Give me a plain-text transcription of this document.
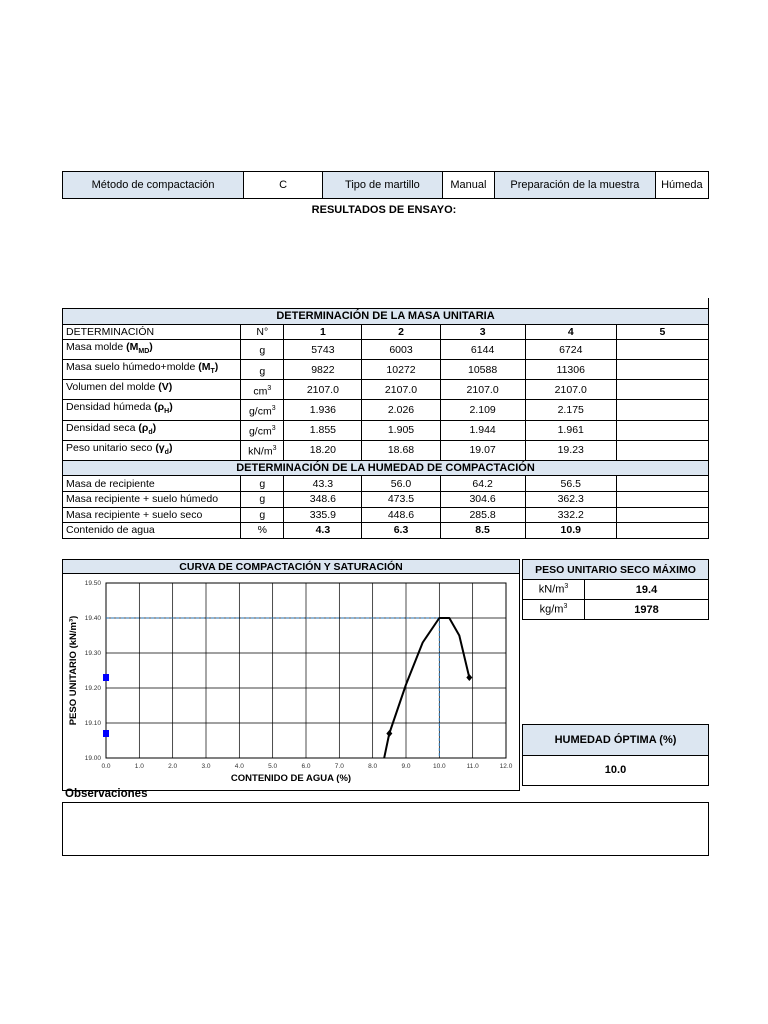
Método de compactación	C	Tipo de martillo	Manual	Preparación de la muestra	Húmeda
RESULTADOS DE ENSAYO:
DETERMINACIÓN DE LA MASA UNITARIA						
DETERMINACIÓN	N°	1	2	3	4	5
Masa molde $(M_{MD})$	g	5743	6003	6144	6724	
Masa suelo húmedo+molde $(M_T)$	g	9822	10272	10588	11306	
Volumen del molde (V)	$cm^3$	2107.0	2107.0	2107.0	2107.0	
Densidad húmeda $(\rho_H)$	$g/cm^3$	1.936	2.026	2.109	2.175	
Densidad seca $(\rho_d)$	$g/cm^3$	1.855	1.905	1.944	1.961	
Peso unitario seco $(\gamma_d)$	$kN/m^3$	18.20	18.68	19.07	19.23	
DETERMINACIÓN DE LA HUMEDAD DE COMPACTACIÓN						
Masa de recipiente	g	43.3	56.0	64.2	56.5	
Masa recipiente + suelo húmedo	g	348.6	473.5	304.6	362.3	
Masa recipiente + suelo seco	g	335.9	448.6	285.8	332.2	
Contenido de agua	%	4.3	6.3	8.5	10.9	
CURVA DE COMPACTACIÓN Y SATURACIÓN
0.0	1.0	2.0	3.0	4.0	5.0	6.0	7.0	8.0	9.0	10.0	11.0	12.0
19.00
19.10
19.20
19.30
19.40
19.50
CONTENIDO DE AGUA (%)
PESO UNITARIO (kN/m³)
PESO UNITARIO SECO MÁXIMO	
$kN/m^3$	19.4
$kg/m^3$	1978
HUMEDAD ÓPTIMA (%)
10.0
Observaciones
